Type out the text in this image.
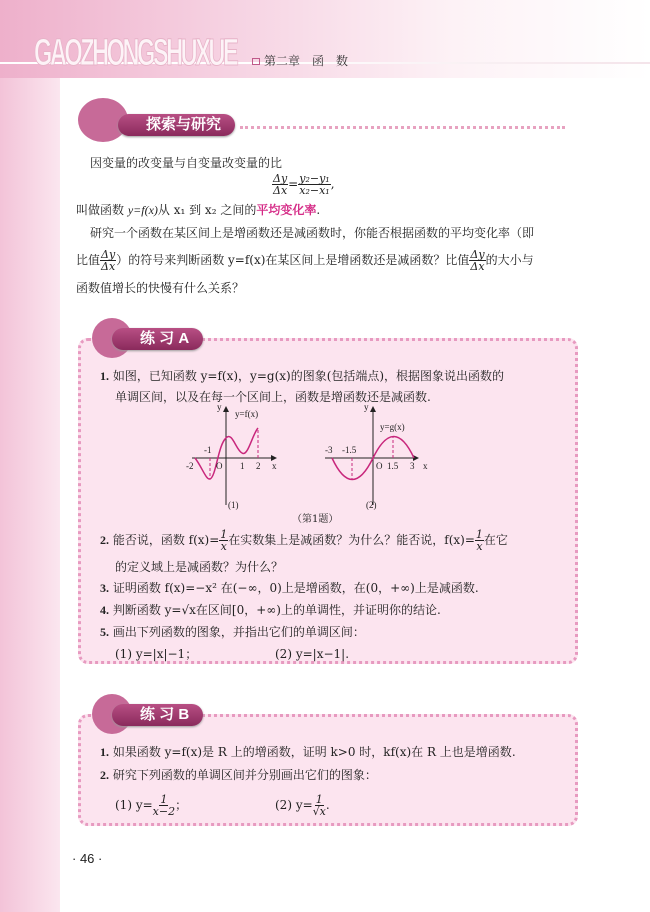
GAOZHONGSHUXUE	第二章　函　数
探索与研究
因变量的改变量与自变量改变量的比
$\frac{\Delta y}{\Delta x} = \frac{\text{y₂−y₁}}{\text{x₂−x₁}}$ ,
叫做函数 y=f(x)从 x₁ 到 x₂ 之间的平均变化率.
研究一个函数在某区间上是增函数还是减函数时，你能否根据函数的平均变化率（即
比值 $\frac{\Delta y}{\Delta x}$ ）的符号来判断函数 y=f(x)在某区间上是增函数还是减函数？比值 $\frac{\Delta y}{\Delta x}$ 的大小与
函数值增长的快慢有什么关系？
练 习 A
1. 如图，已知函数 y=f(x)，y=g(x)的图象(包括端点)，根据图象说出函数的
单调区间，以及在每一个区间上，函数是增函数还是减函数.
y
y=f(x)
O
-2
-1
1 2 x
(1)
y
y=g(x)
O
-3 -1.5
1.5 3 x
(2)
（第1题）
2. 能否说，函数 $f(x)= \frac{1}{x}$ 在实数集上是减函数？为什么？能否说，$f(x)= \frac{1}{x}$ 在它
的定义域上是减函数？为什么？
3. 证明函数 f(x)=−x² 在(−∞，0)上是增函数，在(0，+∞)上是减函数.
4. 判断函数 y=√x在区间[0，+∞)上的单调性，并证明你的结论.
5. 画出下列函数的图象，并指出它们的单调区间：
(1) y=|x|−1；	(2) y=|x−1|.
练 习 B
1. 如果函数 y=f(x)是 R 上的增函数，证明 k>0 时，kf(x)在 R 上也是增函数.
2. 研究下列函数的单调区间并分别画出它们的图象：
(1) $y= \frac{1}{x-2}$ ；	(2) $y= \frac{1}{√x}$ .
· 46 ·
